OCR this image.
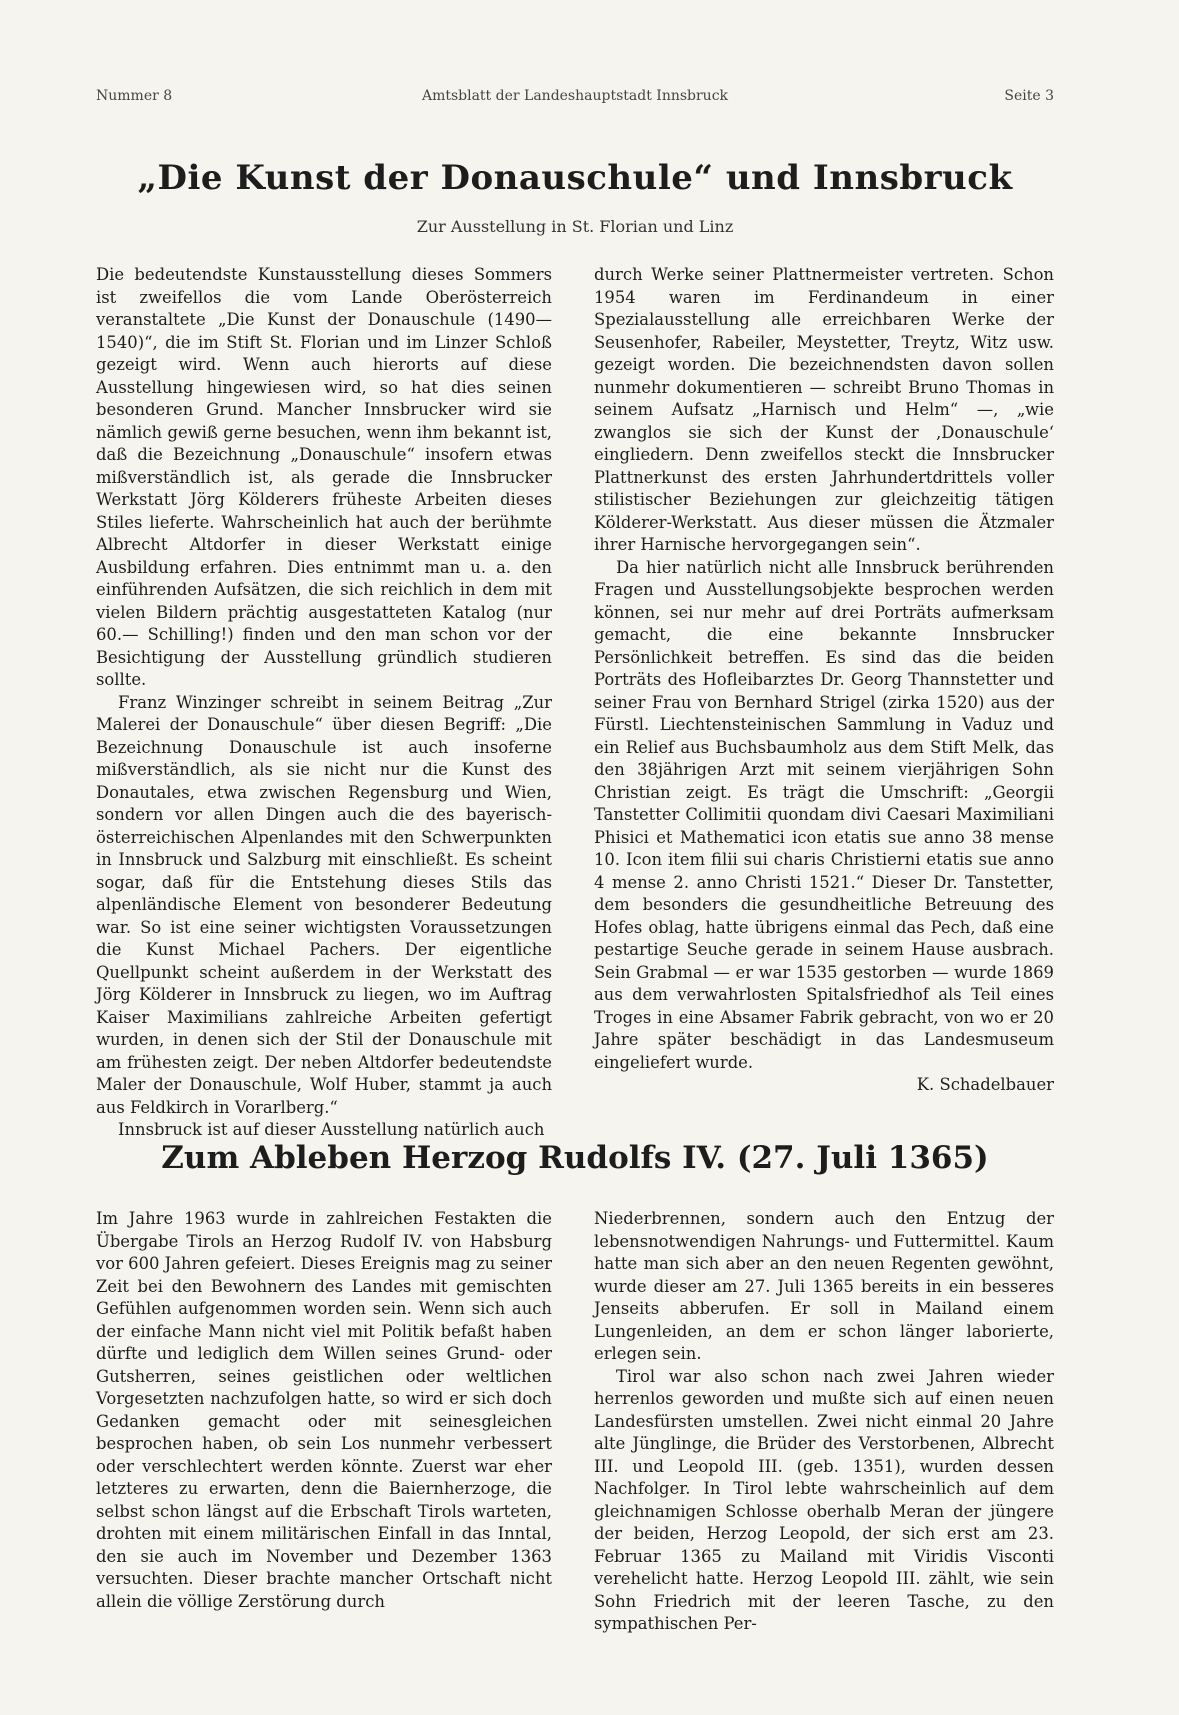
Nummer 8	Amtsblatt der Landeshauptstadt Innsbruck	Seite 3
„Die Kunst der Donauschule“ und Innsbruck
Zur Ausstellung in St. Florian und Linz

Die bedeutendste Kunstausstellung dieses Sommers ist zweifellos die vom Lande Oberösterreich veranstaltete „Die Kunst der Donauschule (1490—1540)“, die im Stift St. Florian und im Linzer Schloß gezeigt wird. Wenn auch hierorts auf diese Ausstellung hingewiesen wird, so hat dies seinen besonderen Grund. Mancher Innsbrucker wird sie nämlich gewiß gerne besuchen, wenn ihm bekannt ist, daß die Bezeichnung „Donauschule“ insofern etwas mißverständlich ist, als gerade die Innsbrucker Werkstatt Jörg Kölderers früheste Arbeiten dieses Stiles lieferte. Wahrscheinlich hat auch der berühmte Albrecht Altdorfer in dieser Werkstatt einige Ausbildung erfahren. Dies entnimmt man u. a. den einführenden Aufsätzen, die sich reichlich in dem mit vielen Bildern prächtig ausgestatteten Katalog (nur 60.— Schilling!) finden und den man schon vor der Besichtigung der Ausstellung gründlich studieren sollte.

Franz Winzinger schreibt in seinem Beitrag „Zur Malerei der Donauschule“ über diesen Begriff: „Die Bezeichnung Donauschule ist auch insoferne mißverständlich, als sie nicht nur die Kunst des Donautales, etwa zwischen Regensburg und Wien, sondern vor allen Dingen auch die des bayerisch-österreichischen Alpenlandes mit den Schwerpunkten in Innsbruck und Salzburg mit einschließt. Es scheint sogar, daß für die Entstehung dieses Stils das alpenländische Element von besonderer Bedeutung war. So ist eine seiner wichtigsten Voraussetzungen die Kunst Michael Pachers. Der eigentliche Quellpunkt scheint außerdem in der Werkstatt des Jörg Kölderer in Innsbruck zu liegen, wo im Auftrag Kaiser Maximilians zahlreiche Arbeiten gefertigt wurden, in denen sich der Stil der Donauschule mit am frühesten zeigt. Der neben Altdorfer bedeutendste Maler der Donauschule, Wolf Huber, stammt ja auch aus Feldkirch in Vorarlberg.“

Innsbruck ist auf dieser Ausstellung natürlich auch

durch Werke seiner Plattnermeister vertreten. Schon 1954 waren im Ferdinandeum in einer Spezialausstellung alle erreichbaren Werke der Seusenhofer, Rabeiler, Meystetter, Treytz, Witz usw. gezeigt worden. Die bezeichnendsten davon sollen nunmehr dokumentieren — schreibt Bruno Thomas in seinem Aufsatz „Harnisch und Helm“ —, „wie zwanglos sie sich der Kunst der ‚Donauschule‘ eingliedern. Denn zweifellos steckt die Innsbrucker Plattnerkunst des ersten Jahrhundertdrittels voller stilistischer Beziehungen zur gleichzeitig tätigen Kölderer-Werkstatt. Aus dieser müssen die Ätzmaler ihrer Harnische hervorgegangen sein“.

Da hier natürlich nicht alle Innsbruck berührenden Fragen und Ausstellungsobjekte besprochen werden können, sei nur mehr auf drei Porträts aufmerksam gemacht, die eine bekannte Innsbrucker Persönlichkeit betreffen. Es sind das die beiden Porträts des Hofleibarztes Dr. Georg Thannstetter und seiner Frau von Bernhard Strigel (zirka 1520) aus der Fürstl. Liechtensteinischen Sammlung in Vaduz und ein Relief aus Buchsbaumholz aus dem Stift Melk, das den 38jährigen Arzt mit seinem vierjährigen Sohn Christian zeigt. Es trägt die Umschrift: „Georgii Tanstetter Collimitii quondam divi Caesari Maximiliani Phisici et Mathematici icon etatis sue anno 38 mense 10. Icon item filii sui charis Christierni etatis sue anno 4 mense 2. anno Christi 1521.“ Dieser Dr. Tanstetter, dem besonders die gesundheitliche Betreuung des Hofes oblag, hatte übrigens einmal das Pech, daß eine pestartige Seuche gerade in seinem Hause ausbrach. Sein Grabmal — er war 1535 gestorben — wurde 1869 aus dem verwahrlosten Spitalsfriedhof als Teil eines Troges in eine Absamer Fabrik gebracht, von wo er 20 Jahre später beschädigt in das Landesmuseum eingeliefert wurde.

K. Schadelbauer
Zum Ableben Herzog Rudolfs IV. (27. Juli 1365)

Im Jahre 1963 wurde in zahlreichen Festakten die Übergabe Tirols an Herzog Rudolf IV. von Habsburg vor 600 Jahren gefeiert. Dieses Ereignis mag zu seiner Zeit bei den Bewohnern des Landes mit gemischten Gefühlen aufgenommen worden sein. Wenn sich auch der einfache Mann nicht viel mit Politik befaßt haben dürfte und lediglich dem Willen seines Grund- oder Gutsherren, seines geistlichen oder weltlichen Vorgesetzten nachzufolgen hatte, so wird er sich doch Gedanken gemacht oder mit seinesgleichen besprochen haben, ob sein Los nunmehr verbessert oder verschlechtert werden könnte. Zuerst war eher letzteres zu erwarten, denn die Baiernherzoge, die selbst schon längst auf die Erbschaft Tirols warteten, drohten mit einem militärischen Einfall in das Inntal, den sie auch im November und Dezember 1363 versuchten. Dieser brachte mancher Ortschaft nicht allein die völlige Zerstörung durch

Niederbrennen, sondern auch den Entzug der lebensnotwendigen Nahrungs- und Futtermittel. Kaum hatte man sich aber an den neuen Regenten gewöhnt, wurde dieser am 27. Juli 1365 bereits in ein besseres Jenseits abberufen. Er soll in Mailand einem Lungenleiden, an dem er schon länger laborierte, erlegen sein.

Tirol war also schon nach zwei Jahren wieder herrenlos geworden und mußte sich auf einen neuen Landesfürsten umstellen. Zwei nicht einmal 20 Jahre alte Jünglinge, die Brüder des Verstorbenen, Albrecht III. und Leopold III. (geb. 1351), wurden dessen Nachfolger. In Tirol lebte wahrscheinlich auf dem gleichnamigen Schlosse oberhalb Meran der jüngere der beiden, Herzog Leopold, der sich erst am 23. Februar 1365 zu Mailand mit Viridis Visconti verehelicht hatte. Herzog Leopold III. zählt, wie sein Sohn Friedrich mit der leeren Tasche, zu den sympathischen Per-
